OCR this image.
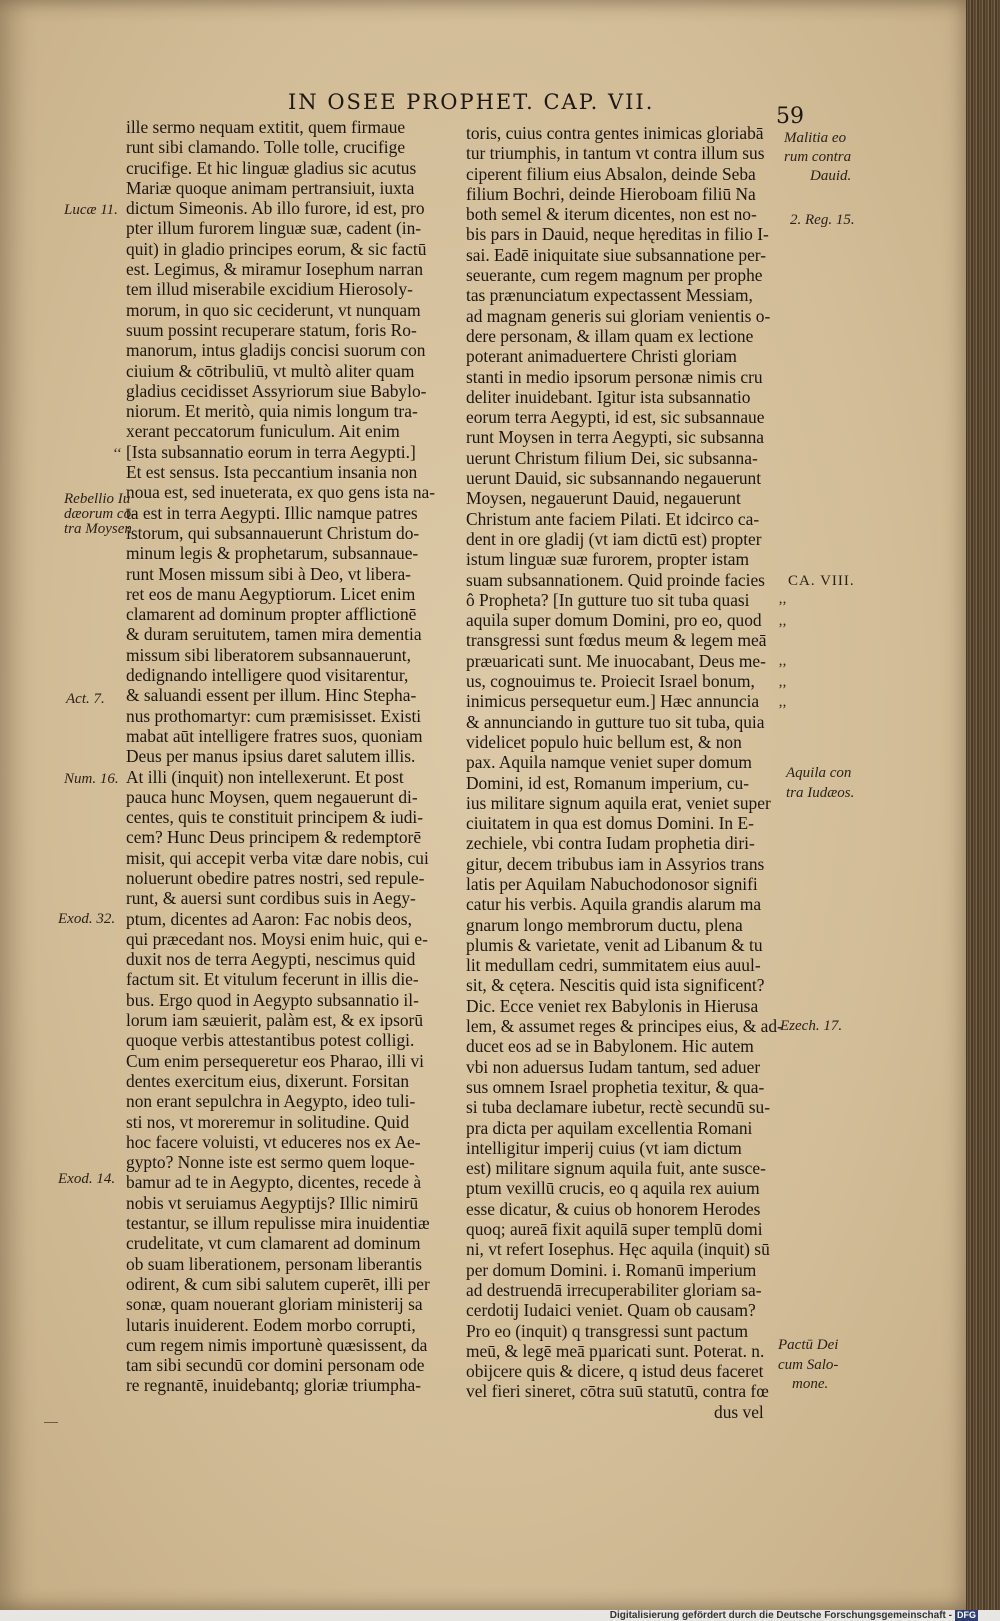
IN OSEE PROPHET. CAP. VII.
59
ille sermo nequam extitit, quem firmaue
runt sibi clamando. Tolle tolle, crucifige
crucifige. Et hic linguæ gladius sic acutus
Mariæ quoque animam pertransiuit, iuxta
dictum Simeonis. Ab illo furore, id est, pro
pter illum furorem linguæ suæ, cadent (in-
quit) in gladio principes eorum, & sic factū
est. Legimus, & miramur Iosephum narran
tem illud miserabile excidium Hierosoly-
morum, in quo sic ceciderunt, vt nunquam
suum possint recuperare statum, foris Ro-
manorum, intus gladijs concisi suorum con
ciuium & cōtribuliū, vt multò aliter quam
gladius cecidisset Assyriorum siue Babylo-
niorum. Et meritò, quia nimis longum tra-
xerant peccatorum funiculum. Ait enim
[Ista subsannatio eorum in terra Aegypti.]
Et est sensus. Ista peccantium insania non
noua est, sed inueterata, ex quo gens ista na-
ta est in terra Aegypti. Illic namque patres
istorum, qui subsannauerunt Christum do-
minum legis & prophetarum, subsannaue-
runt Mosen missum sibi à Deo, vt libera-
ret eos de manu Aegyptiorum. Licet enim
clamarent ad dominum propter afflictionē
& duram seruitutem, tamen mira dementia
missum sibi liberatorem subsannauerunt,
dedignando intelligere quod visitarentur,
& saluandi essent per illum. Hinc Stepha-
nus prothomartyr: cum præmisisset. Existi
mabat aūt intelligere fratres suos, quoniam
Deus per manus ipsius daret salutem illis.
At illi (inquit) non intellexerunt. Et post
pauca hunc Moysen, quem negauerunt di-
centes, quis te constituit principem & iudi-
cem? Hunc Deus principem & redemptorē
misit, qui accepit verba vitæ dare nobis, cui
noluerunt obedire patres nostri, sed repule-
runt, & auersi sunt cordibus suis in Aegy-
ptum, dicentes ad Aaron: Fac nobis deos,
qui præcedant nos. Moysi enim huic, qui e-
duxit nos de terra Aegypti, nescimus quid
factum sit. Et vitulum fecerunt in illis die-
bus. Ergo quod in Aegypto subsannatio il-
lorum iam sæuierit, palàm est, & ex ipsorū
quoque verbis attestantibus potest colligi.
Cum enim persequeretur eos Pharao, illi vi
dentes exercitum eius, dixerunt. Forsitan
non erant sepulchra in Aegypto, ideo tuli-
sti nos, vt moreremur in solitudine. Quid
hoc facere voluisti, vt educeres nos ex Ae-
gypto? Nonne iste est sermo quem loque-
bamur ad te in Aegypto, dicentes, recede à
nobis vt seruiamus Aegyptijs? Illic nimirū
testantur, se illum repulisse mira inuidentiæ
crudelitate, vt cum clamarent ad dominum
ob suam liberationem, personam liberantis
odirent, & cum sibi salutem cuperēt, illi per
sonæ, quam nouerant gloriam ministerij sa
lutaris inuiderent. Eodem morbo corrupti,
cum regem nimis importunè quæsissent, da
tam sibi secundū cor domini personam ode
re regnantē, inuidebantq; gloriæ triumpha-
toris, cuius contra gentes inimicas gloriabā
tur triumphis, in tantum vt contra illum sus
ciperent filium eius Absalon, deinde Seba
filium Bochri, deinde Hieroboam filiū Na
both semel & iterum dicentes, non est no-
bis pars in Dauid, neque hęreditas in filio I-
sai. Eadē iniquitate siue subsannatione per-
seuerante, cum regem magnum per prophe
tas prænunciatum expectassent Messiam,
ad magnam generis sui gloriam venientis o-
dere personam, & illam quam ex lectione
poterant animaduertere Christi gloriam
stanti in medio ipsorum personæ nimis cru
deliter inuidebant. Igitur ista subsannatio
eorum terra Aegypti, id est, sic subsannaue
runt Moysen in terra Aegypti, sic subsanna
uerunt Christum filium Dei, sic subsanna-
uerunt Dauid, sic subsannando negauerunt
Moysen, negauerunt Dauid, negauerunt
Christum ante faciem Pilati. Et idcirco ca-
dent in ore gladij (vt iam dictū est) propter
istum linguæ suæ furorem, propter istam
suam subsannationem. Quid proinde facies
ô Propheta? [In gutture tuo sit tuba quasi
aquila super domum Domini, pro eo, quod
transgressi sunt fœdus meum & legem meā
præuaricati sunt. Me inuocabant, Deus me-
us, cognouimus te. Proiecit Israel bonum,
inimicus persequetur eum.] Hæc annuncia
& annunciando in gutture tuo sit tuba, quia
videlicet populo huic bellum est, & non
pax. Aquila namque veniet super domum
Domini, id est, Romanum imperium, cu-
ius militare signum aquila erat, veniet super
ciuitatem in qua est domus Domini. In E-
zechiele, vbi contra Iudam prophetia diri-
gitur, decem tribubus iam in Assyrios trans
latis per Aquilam Nabuchodonosor signifi
catur his verbis. Aquila grandis alarum ma
gnarum longo membrorum ductu, plena
plumis & varietate, venit ad Libanum & tu
lit medullam cedri, summitatem eius auul-
sit, & cętera. Nescitis quid ista significent?
Dic. Ecce veniet rex Babylonis in Hierusa
lem, & assumet reges & principes eius, & ad-
ducet eos ad se in Babylonem. Hic autem
vbi non aduersus Iudam tantum, sed aduer
sus omnem Israel prophetia texitur, & qua-
si tuba declamare iubetur, rectè secundū su-
pra dicta per aquilam excellentia Romani
intelligitur imperij cuius (vt iam dictum
est) militare signum aquila fuit, ante susce-
ptum vexillū crucis, eo q aquila rex auium
esse dicatur, & cuius ob honorem Herodes
quoq; aureā fixit aquilā super templū domi
ni, vt refert Iosephus. Hęc aquila (inquit) sū
per domum Domini. i. Romanū imperium
ad destruendā irrecuperabiliter gloriam sa-
cerdotij Iudaici veniet. Quam ob causam?
Pro eo (inquit) q transgressi sunt pactum
meū, & legē meā pµaricati sunt. Poterat. n.
obijcere quis & dicere, q istud deus faceret
vel fieri sineret, cōtra suū statutū, contra fœ
dus vel
Lucæ 11.
Rebellio Iu
dæorum cō-
tra Moysen
Act. 7.
Num. 16.
Exod. 32.
Exod. 14.
‘‘
Malitia eo
rum contra
Dauid.
2. Reg. 15.
CA. VIII.
Aquila con
tra Iudæos.
Ezech. 17.
Pactū Dei
cum Salo-
mone.
’’
’’
’’
’’
’’
Digitalisierung gefördert durch die Deutsche Forschungsgemeinschaft - DFG
